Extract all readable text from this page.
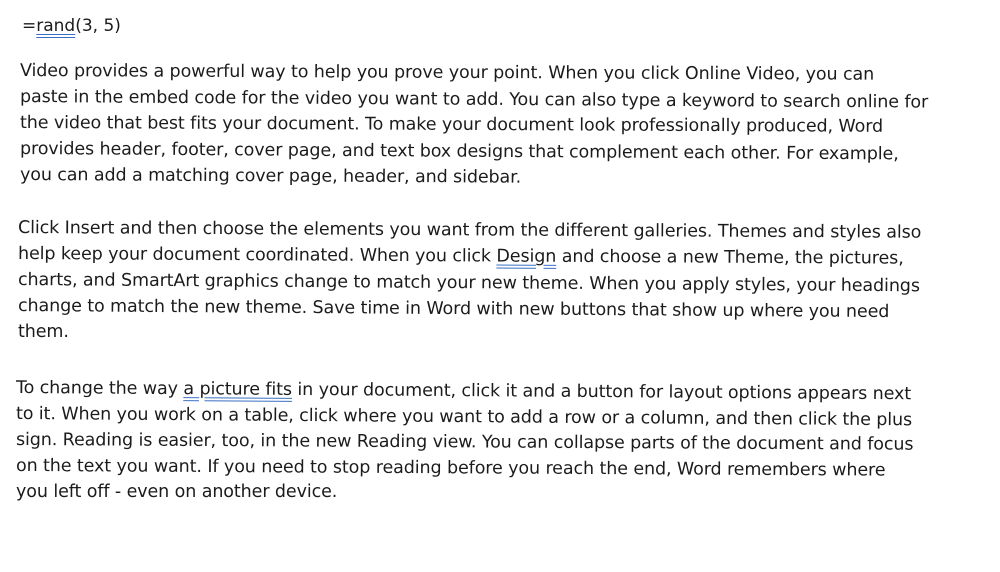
=rand(3, 5)
Video provides a powerful way to help you prove your point. When you click Online Video, you can
paste in the embed code for the video you want to add. You can also type a keyword to search online for
the video that best fits your document. To make your document look professionally produced, Word
provides header, footer, cover page, and text box designs that complement each other. For example,
you can add a matching cover page, header, and sidebar.
Click Insert and then choose the elements you want from the different galleries. Themes and styles also
help keep your document coordinated. When you click Design and choose a new Theme, the pictures,
charts, and SmartArt graphics change to match your new theme. When you apply styles, your headings
change to match the new theme. Save time in Word with new buttons that show up where you need
them.
To change the way a picture fits in your document, click it and a button for layout options appears next
to it. When you work on a table, click where you want to add a row or a column, and then click the plus
sign. Reading is easier, too, in the new Reading view. You can collapse parts of the document and focus
on the text you want. If you need to stop reading before you reach the end, Word remembers where
you left off - even on another device.
